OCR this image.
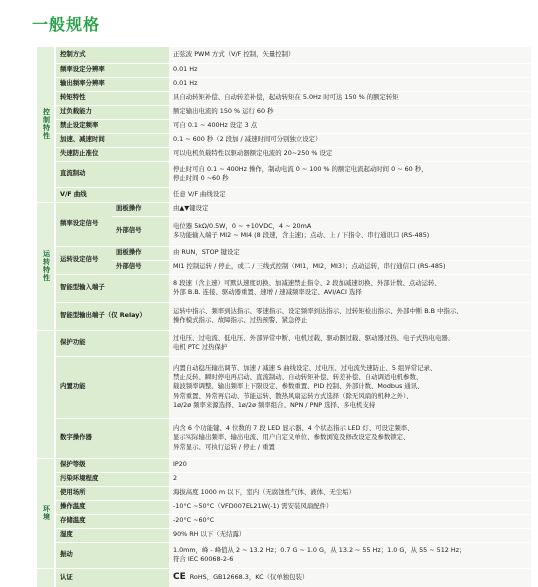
一般规格
控制特性	控制方式		正弦波 PWM 方式（V/F 控制，矢量控制）
	频率设定分辨率		0.01 Hz
	输出频率分辨率		0.01 Hz
	转矩特性		具自动转矩补偿、自动转差补偿，起动转矩在 5.0Hz 时可达 150 % 的额定转矩
	过负载能力		额定输出电流的 150 % 运行 60 秒
	禁止设定频率		可自 0.1 ~ 400Hz 设定 3 点
	加速、减速时间		0.1 ~ 600 秒（2 段加 / 减速时间可分别独立设定）
	失速防止准位		可以电机负载特性以驱动器额定电流的 20~250 % 设定
	直流制动		停止时可自 0.1 ~ 400Hz 操作，制动电流 0 ~ 100 % 的额定电流起动时间 0 ~ 60 秒，
停止时间 0 ~60 秒

	V/F 曲线		任意 V/F 曲线设定

运转特性	频率设定信号	面板操作	由▲▼键设定
		外部信号	电位器 5kΩ/0.5W，0 ~ +10VDC，4 ~ 20mA
多功能输入端子 MI2 ~ MI4 (8 段速，含主速)；点动、上 / 下指令、串行通讯口 (RS-485)

	运转设定信号	面板操作	由 RUN，STOP 键设定
		外部信号	MI1 控制运转 / 停止，或二 / 三线式控制（MI1，MI2，MI3）；点动运转，串行通信口 (RS-485)
	智能型输入端子		8 段速（含主速）可默认速度切换、加减速禁止指令、2 段加减速切换、外部计数、点动运转、
外部 B.B. 连接、驱动器重置、速增 / 速减频率设定、AVI/ACI 选择

	智能型输出端子（仅 Relay）		运转中指示、频率到达指示、零速指示、设定频率到达指示、过转矩检出指示、外部中断 B.B 中指示、
操作模式指示、故障指示、过热预警、紧急停止

	保护功能		过电压、过电流、低电压、外部异常中断、电机过载、驱动器过载、驱动器过热、电子式热电电器、
电机 PTC 过热保护

	内置功能		内置自动稳压输出调节、加速 / 减速 S 曲线设定、过电压、过电流失速防止、5 组异常记录、
禁止反转、瞬时停电再启动、直流制动、自动转矩补偿、转差补偿、自动调适电机参数、
载波频率调整、输出频率上下限设定、参数重置、PID 控制、外部计数、Modbus 通讯、
异常重置、异常再启动、节能运转、散热风扇运转方式选择（除无风扇的机种之外）、
1ø/2ø 频率来源选择、1ø/2ø 频率组合、NPN / PNP 选择、多电机支持

	数字操作器		内含 6 个功能键、4 位数的 7 段 LED 显示器、4 个状态指示 LED 灯、可设定频率、
显示实际输出频率、输出电流、用户自定义单位、参数浏览及修改设定及参数锁定、
异常显示、可执行运转 / 停止 / 重置

环境	保护等级		IP20
	污染环境程度		2
	使用场所		海拔高度 1000 m 以下，室内（无腐蚀性气体、液体、无尘垢）
	操作温度		-10°C ~50°C（VFD007EL21W(-1) 需安装风扇配件）
	存储温度		-20°C ~60°C
	湿度		90% RH 以下（无结露）
	振动		1.0mm，峰 - 峰值从 2 ~ 13.2 Hz；0.7 G ~ 1.0 G，从 13.2 ~ 55 Hz；1.0 G，从 55 ~ 512 Hz；
符合 IEC 60068-2-6

	认证		CE RoHS，GB12668.3，KC（仅单独包装）
